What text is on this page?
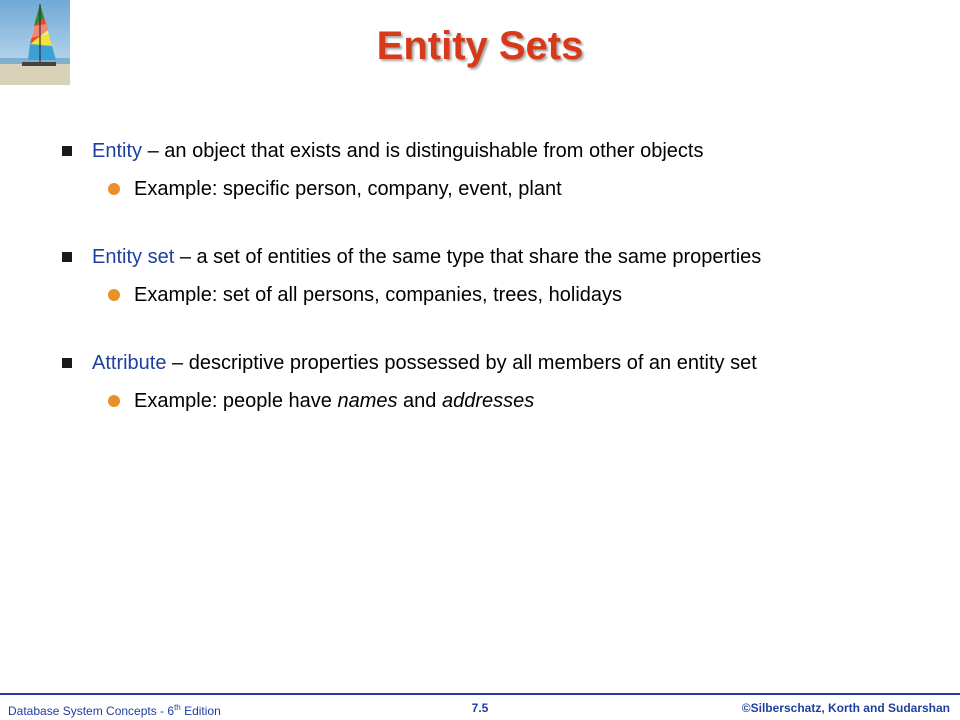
Entity Sets

Entity – an object that exists and is distinguishable from other objects

Example: specific person, company, event, plant

Entity set – a set of entities of the same type that share the same properties

Example: set of all persons, companies, trees, holidays

Attribute – descriptive properties possessed by all members of an entity set

Example: people have names and addresses

Database System Concepts - 6th Edition	7.5	©Silberschatz, Korth and Sudarshan
